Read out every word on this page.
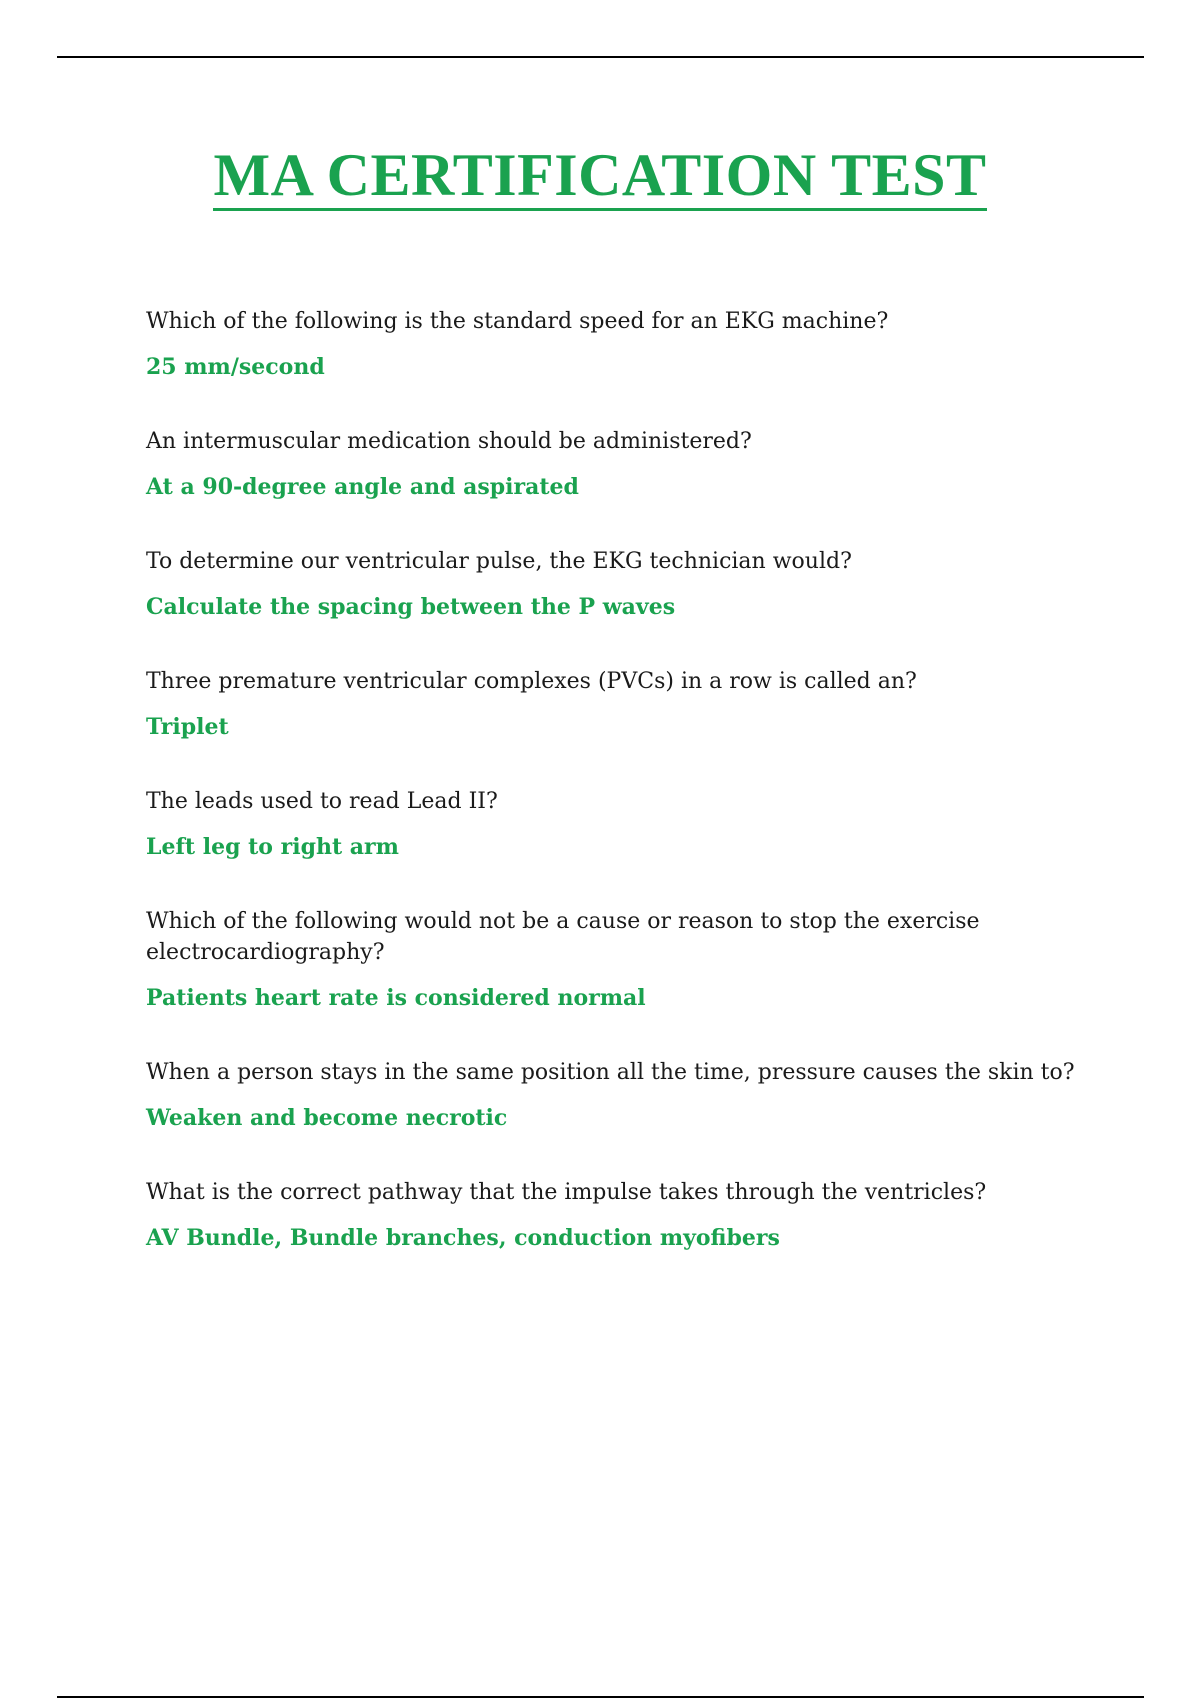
MA CERTIFICATION TEST

Which of the following is the standard speed for an EKG machine?

25 mm/second

An intermuscular medication should be administered?

At a 90-degree angle and aspirated

To determine our ventricular pulse, the EKG technician would?

Calculate the spacing between the P waves

Three premature ventricular complexes (PVCs) in a row is called an?

Triplet

The leads used to read Lead II?

Left leg to right arm

Which of the following would not be a cause or reason to stop the exercise electrocardiography?

Patients heart rate is considered normal

When a person stays in the same position all the time, pressure causes the skin to?

Weaken and become necrotic

What is the correct pathway that the impulse takes through the ventricles?

AV Bundle, Bundle branches, conduction myofibers
